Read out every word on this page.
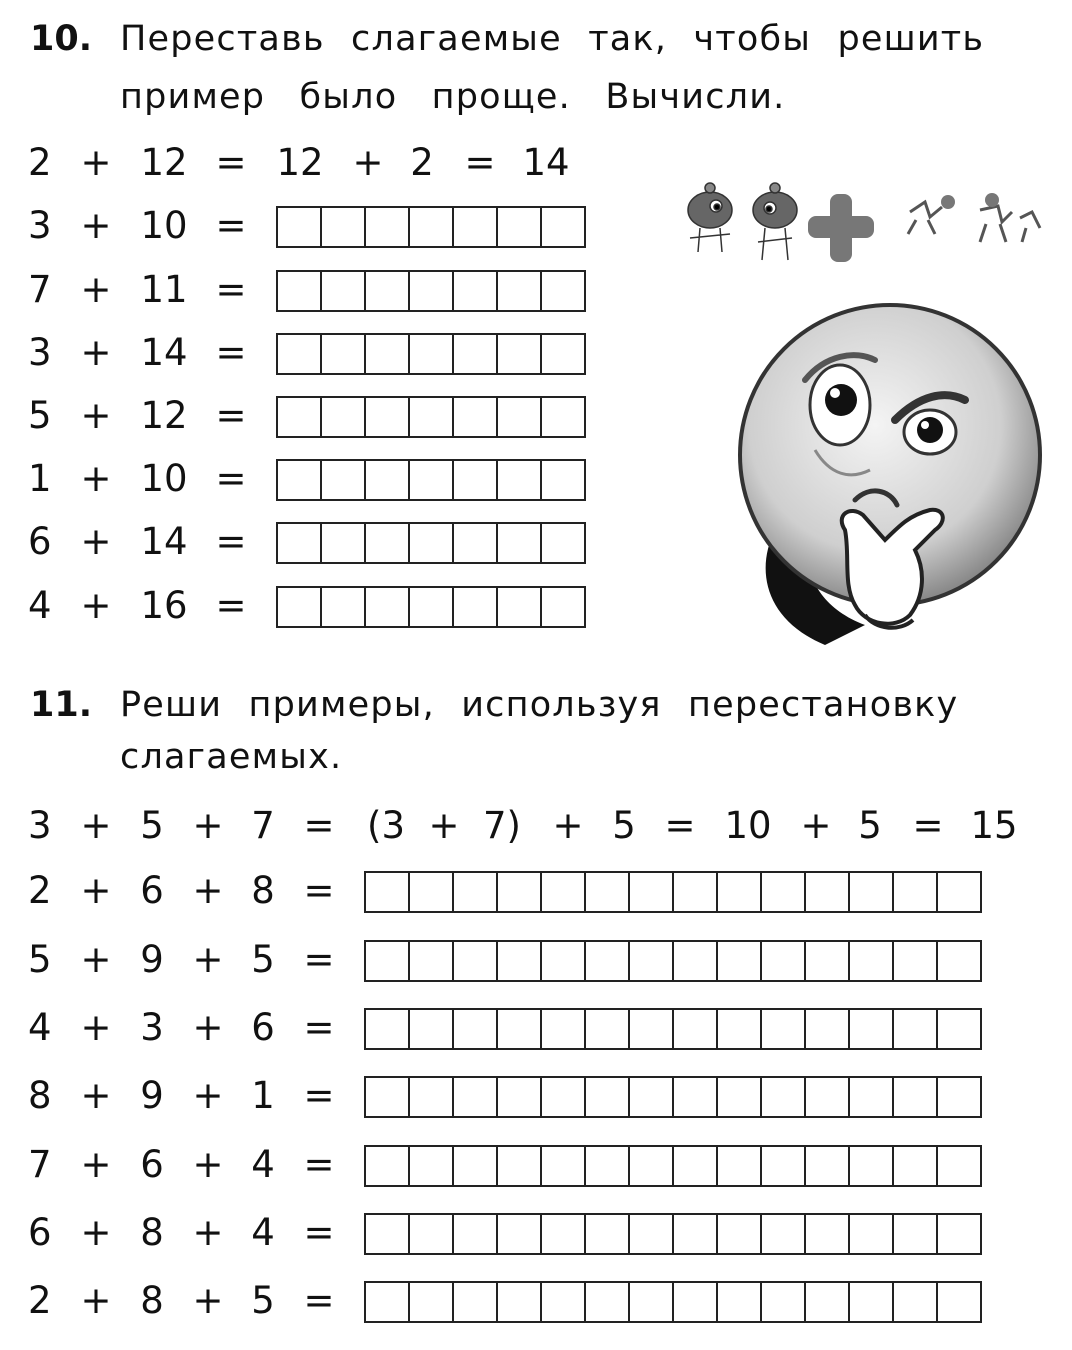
10. Переставь слагаемые так, чтобы решить
пример было проще. Вычисли.
2 + 12 = 12 + 2 = 14
3 + 10 =
7 + 11 =
3 + 14 =
5 + 12 =
1 + 10 =
6 + 14 =
4 + 16 =
11. Реши примеры, используя перестановку
слагаемых.
3 + 5 + 7 = (3 + 7) + 5 = 10 + 5 = 15
2 + 6 + 8 =
5 + 9 + 5 =
4 + 3 + 6 =
8 + 9 + 1 =
7 + 6 + 4 =
6 + 8 + 4 =
2 + 8 + 5 =
